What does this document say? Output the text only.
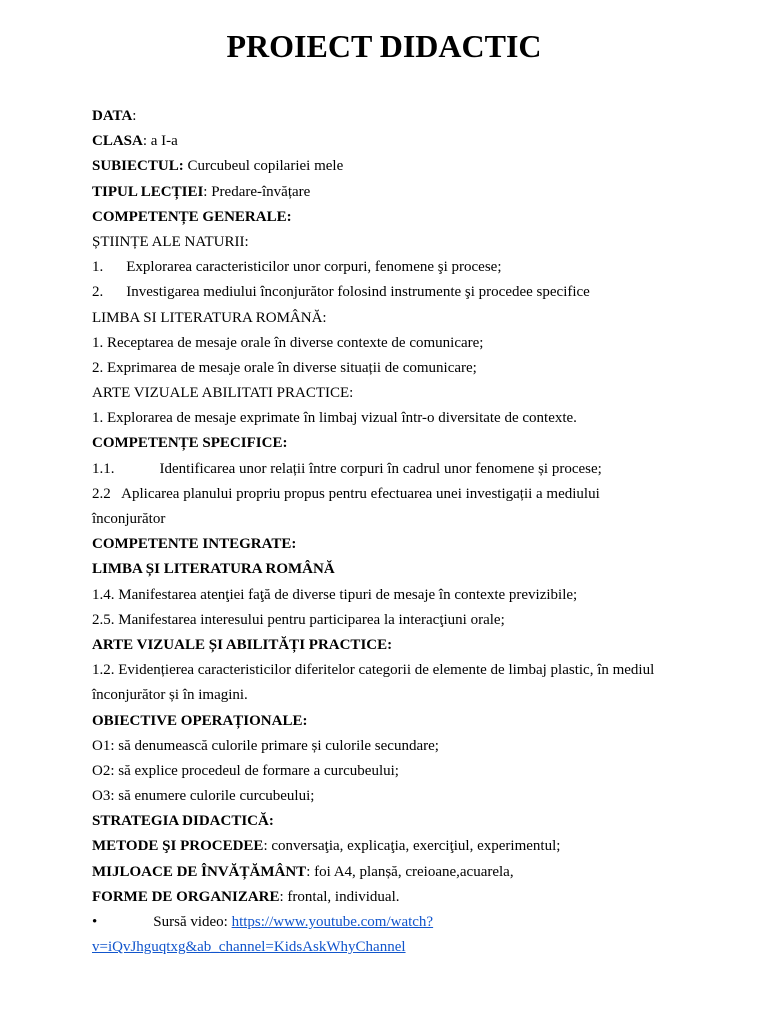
PROIECT DIDACTIC
DATA:
CLASA: a I-a
SUBIECTUL: Curcubeul copilariei mele
TIPUL LECȚIEI: Predare-învățare
COMPETENȚE GENERALE:
ȘTIINȚE ALE NATURII:
1. Explorarea caracteristicilor unor corpuri, fenomene şi procese;
2. Investigarea mediului înconjurător folosind instrumente şi procedee specifice
LIMBA SI LITERATURA ROMÂNĂ:
1. Receptarea de mesaje orale în diverse contexte de comunicare;
2. Exprimarea de mesaje orale în diverse situații de comunicare;
ARTE VIZUALE ABILITATI PRACTICE:
1. Explorarea de mesaje exprimate în limbaj vizual într-o diversitate de contexte.
COMPETENȚE SPECIFICE:
1.1.	Identificarea unor relații între corpuri în cadrul unor fenomene și procese;
2.2   Aplicarea planului propriu propus pentru efectuarea unei investigații a mediului
înconjurător
COMPETENTE INTEGRATE:
LIMBA ȘI LITERATURA ROMÂNĂ
1.4. Manifestarea atenţiei faţă de diverse tipuri de mesaje în contexte previzibile;
2.5. Manifestarea interesului pentru participarea la interacţiuni orale;
ARTE VIZUALE ȘI ABILITĂȚI PRACTICE:
1.2. Evidențierea caracteristicilor diferitelor categorii de elemente de limbaj plastic, în mediul
înconjurător și în imagini.
OBIECTIVE OPERAȚIONALE:
O1: să denumească culorile primare și culorile secundare;
O2: să explice procedeul de formare a curcubeului;
O3: să enumere culorile curcubeului;
STRATEGIA DIDACTICĂ:
METODE ŞI PROCEDEE: conversaţia, explicaţia, exerciţiul, experimentul;
MIJLOACE DE ÎNVĂȚĂMÂNT: foi A4, planșă, creioane,acuarela,
FORME DE ORGANIZARE: frontal, individual.
•	Sursă video: https://www.youtube.com/watch?
v=iQvJhguqtxg&ab_channel=KidsAskWhyChannel
